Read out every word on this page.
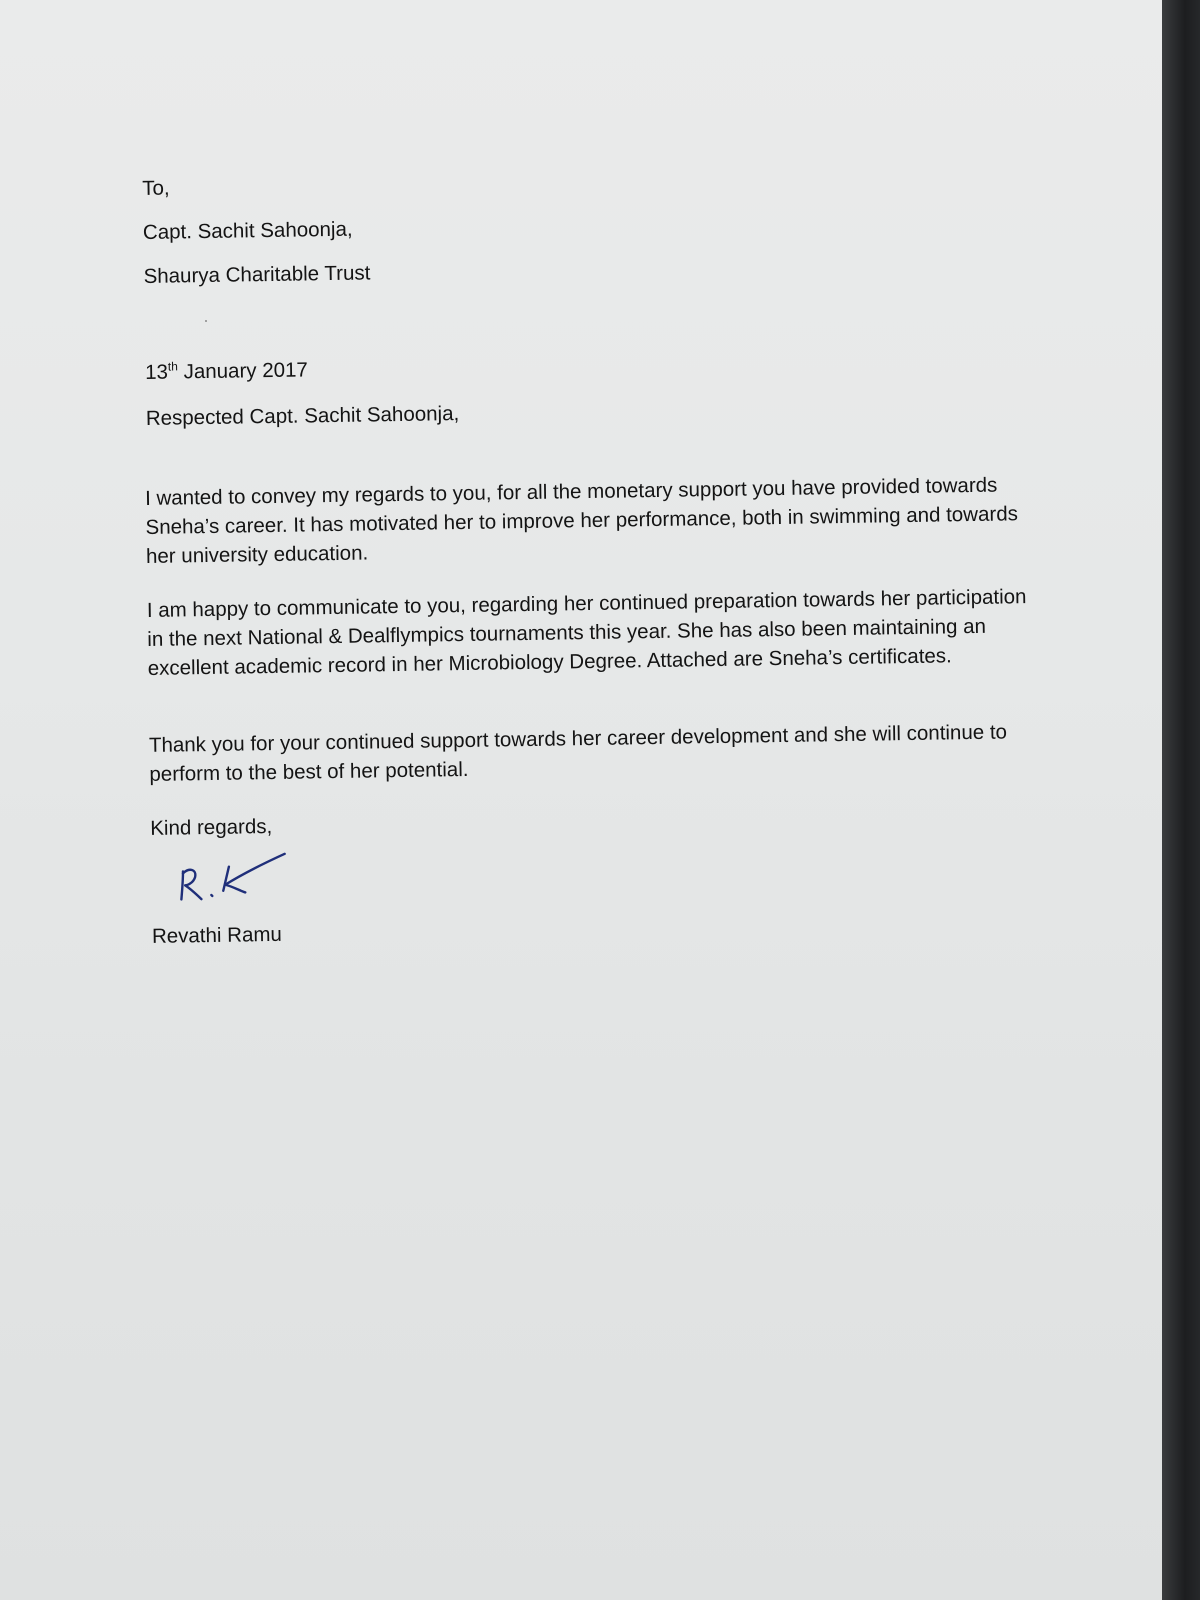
To,

Capt. Sachit Sahoonja,

Shaurya Charitable Trust

13th January 2017

Respected Capt. Sachit Sahoonja,

I wanted to convey my regards to you, for all the monetary support you have provided towards Sneha’s career. It has motivated her to improve her performance, both in swimming and towards her university education.

I am happy to communicate to you, regarding her continued preparation towards her participation in the next National & Dealflympics tournaments this year. She has also been maintaining an excellent academic record in her Microbiology Degree. Attached are Sneha’s certificates.

Thank you for your continued support towards her career development and she will continue to perform to the best of her potential.

Kind regards,

Revathi Ramu
